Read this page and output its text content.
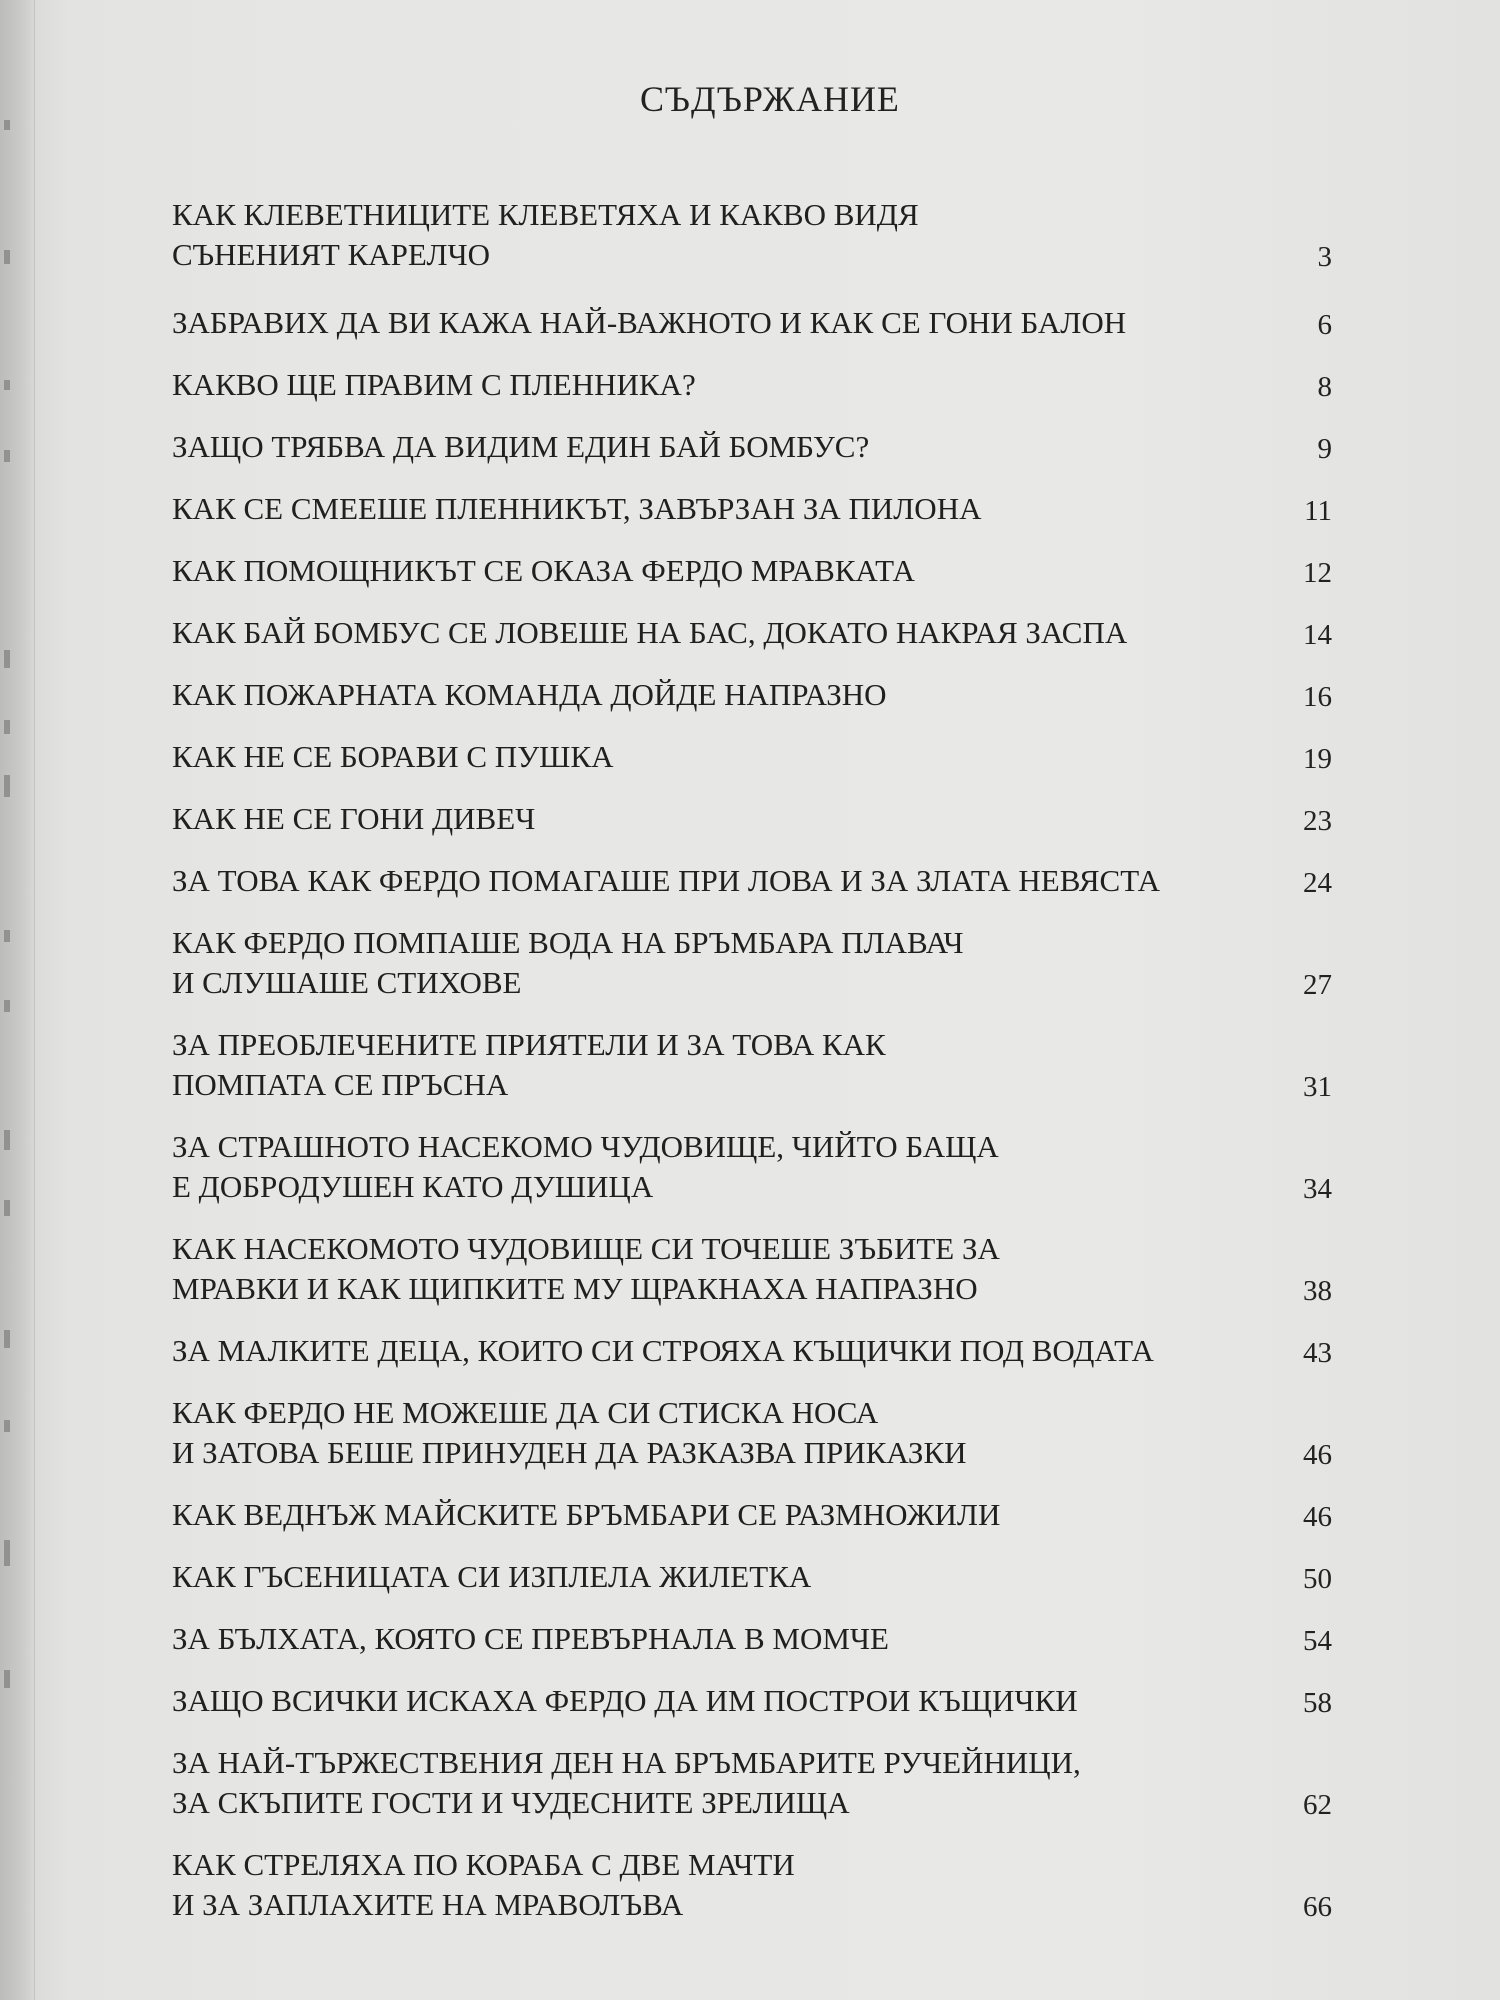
СЪДЪРЖАНИЕ
КАК КЛЕВЕТНИЦИТЕ КЛЕВЕТЯХА И КАКВО ВИДЯ
СЪНЕНИЯТ КАРЕЛЧО	3
ЗАБРАВИХ ДА ВИ КАЖА НАЙ-ВАЖНОТО И КАК СЕ ГОНИ БАЛОН	6
КАКВО ЩЕ ПРАВИМ С ПЛЕННИКА?	8
ЗАЩО ТРЯБВА ДА ВИДИМ ЕДИН БАЙ БОМБУС?	9
КАК СЕ СМЕЕШЕ ПЛЕННИКЪТ, ЗАВЪРЗАН ЗА ПИЛОНА	11
КАК ПОМОЩНИКЪТ СЕ ОКАЗА ФЕРДО МРАВКАТА	12
КАК БАЙ БОМБУС СЕ ЛОВЕШЕ НА БАС, ДОКАТО НАКРАЯ ЗАСПА	14
КАК ПОЖАРНАТА КОМАНДА ДОЙДЕ НАПРАЗНО	16
КАК НЕ СЕ БОРАВИ С ПУШКА	19
КАК НЕ СЕ ГОНИ ДИВЕЧ	23
ЗА ТОВА КАК ФЕРДО ПОМАГАШЕ ПРИ ЛОВА И ЗА ЗЛАТА НЕВЯСТА	24
КАК ФЕРДО ПОМПАШЕ ВОДА НА БРЪМБАРА ПЛАВАЧ
И СЛУШАШЕ СТИХОВЕ	27
ЗА ПРЕОБЛЕЧЕНИТЕ ПРИЯТЕЛИ И ЗА ТОВА КАК
ПОМПАТА СЕ ПРЪСНА	31
ЗА СТРАШНОТО НАСЕКОМО ЧУДОВИЩЕ, ЧИЙТО БАЩА
Е ДОБРОДУШЕН КАТО ДУШИЦА	34
КАК НАСЕКОМОТО ЧУДОВИЩЕ СИ ТОЧЕШЕ ЗЪБИТЕ ЗА
МРАВКИ И КАК ЩИПКИТЕ МУ ЩРАКНАХА НАПРАЗНО	38
ЗА МАЛКИТЕ ДЕЦА, КОИТО СИ СТРОЯХА КЪЩИЧКИ ПОД ВОДАТА	43
КАК ФЕРДО НЕ МОЖЕШЕ ДА СИ СТИСКА НОСА
И ЗАТОВА БЕШЕ ПРИНУДЕН ДА РАЗКАЗВА ПРИКАЗКИ	46
КАК ВЕДНЪЖ МАЙСКИТЕ БРЪМБАРИ СЕ РАЗМНОЖИЛИ	46
КАК ГЪСЕНИЦАТА СИ ИЗПЛЕЛА ЖИЛЕТКА	50
ЗА БЪЛХАТА, КОЯТО СЕ ПРЕВЪРНАЛА В МОМЧЕ	54
ЗАЩО ВСИЧКИ ИСКАХА ФЕРДО ДА ИМ ПОСТРОИ КЪЩИЧКИ	58
ЗА НАЙ-ТЪРЖЕСТВЕНИЯ ДЕН НА БРЪМБАРИТЕ РУЧЕЙНИЦИ,
ЗА СКЪПИТЕ ГОСТИ И ЧУДЕСНИТЕ ЗРЕЛИЩА	62
КАК СТРЕЛЯХА ПО КОРАБА С ДВЕ МАЧТИ
И ЗА ЗАПЛАХИТЕ НА МРАВОЛЪВА	66
